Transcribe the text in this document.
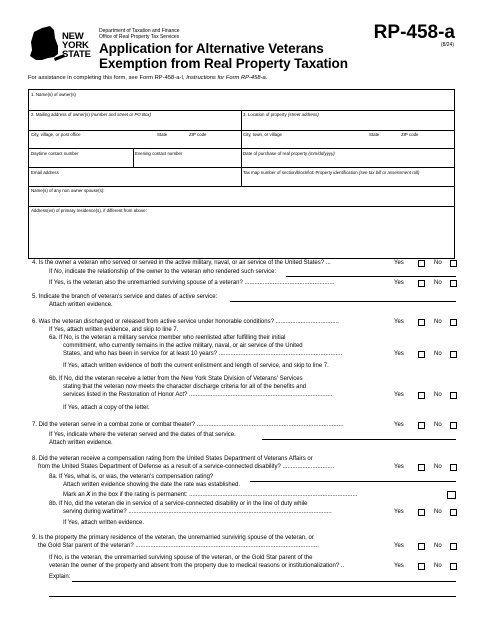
NEW
YORK
STATE
Department of Taxation and Finance
Office of Real Property Tax Services
Application for Alternative Veterans
Exemption from Real Property Taxation
RP-458-a
(8/24)
For assistance in completing this form, see Form RP-458-a-I, Instructions for Form RP-458-a.
1. Name(s) of owner(s)
2. Mailing address of owner(s) (number and street or PO Box)	3. Location of property (street address)
City, village, or post office	State	ZIP code	City, town, or village	State	ZIP code
Daytime contact number	Evening contact number	Date of purchase of real property (mm/dd/yyyy)
Email address	Tax map number of section/block/lot: Property identification (see tax bill or assessment roll)
Name(s) of any non owner spouse(s):
Address(es) of primary residence(s), if different from above:
4. Is the owner a veteran who served or served in the active military, naval, or air service of the United States? ...	Yes	No
If No, indicate the relationship of the owner to the veteran who rendered such service:
If Yes, is the veteran also the unremarried surviving spouse of a veteran? ......................................................	Yes	No
5. Indicate the branch of veteran's service and dates of active service:
Attach written evidence.
6. Was the veteran discharged or released from active service under honorable conditions? ......................................	Yes	No
If Yes, attach written evidence, and skip to line 7.
6a. If No, is the veteran a military service member who reenlisted after fulfilling their initial
commitment, who currently remains in the active military, naval, or air service of the United
States, and who has been in service for at least 10 years? ..........................................................................	Yes	No
If Yes, attach written evidence of both the current enlistment and length of service, and skip to line 7.
6b. If No, did the veteran receive a letter from the New York State Division of Veterans' Services
stating that the veteran now meets the character discharge criteria for all of the benefits and
services listed in the Restoration of Honor Act? ......................................................................................	Yes	No
If Yes, attach a copy of the letter.
7. Did the veteran serve in a combat zone or combat theater? ........................................................................................	Yes	No
If Yes, indicate where the veteran served and the dates of that service.
Attach written evidence.
8. Did the veteran receive a compensation rating from the United States Department of Veterans Affairs or
from the United States Department of Defense as a result of a service-connected disability? ...............................	Yes	No
8a. If Yes, what is, or was, the veteran's compensation rating?
Attach written evidence showing the date the rate was established.
Mark an X in the box if the rating is permanent: .....................................................................................................
8b. If No, did the veteran die in service of a service-connected disability or in the line of duty while
serving during wartime? ..........................................................................................................................	Yes	No
If Yes, attach written evidence.
9. Is the property the primary residence of the veteran, the unremarried surviving spouse of the veteran, or
the Gold Star parent of the veteran? ..............................................................................................................	Yes	No
If No, is the veteran, the unremarried surviving spouse of the veteran, or the Gold Star parent of the
veteran the owner of the property and absent from the property due to medical reasons or institutionalization? ..	Yes	No
Explain:
